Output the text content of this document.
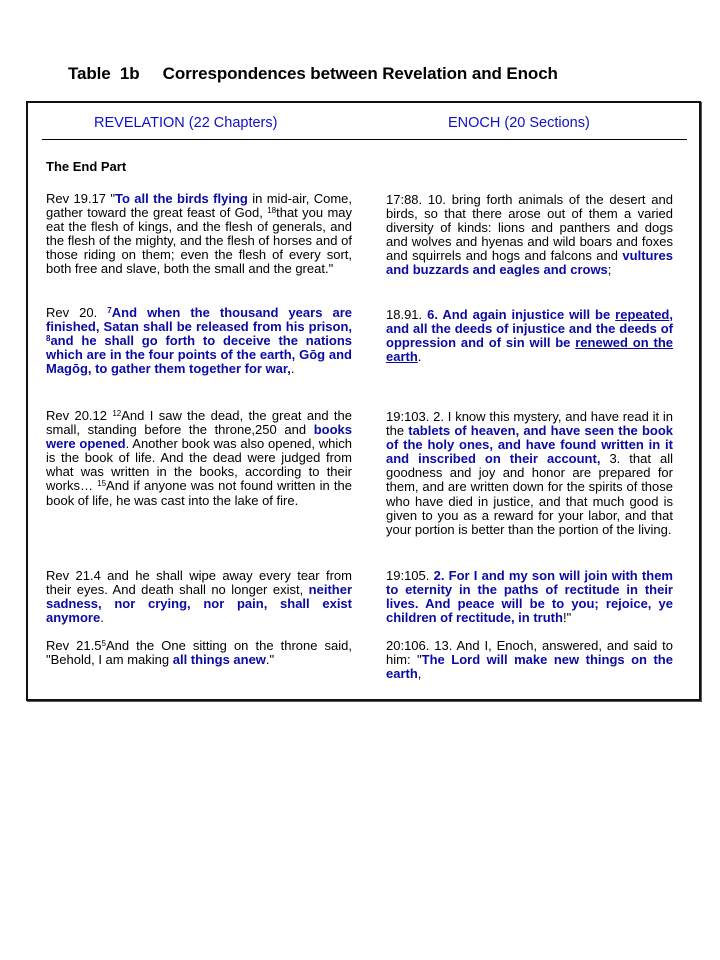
Table  1b     Correspondences between Revelation and Enoch
REVELATION (22 Chapters)	ENOCH (20 Sections)
The End Part
Rev 19.17 "To all the birds flying in mid-air, Come, gather toward the great feast of God, $^{18}$that you may eat the flesh of kings, and the flesh of generals, and the flesh of the mighty, and the flesh of horses and of those riding on them; even the flesh of every sort, both free and slave, both the small and the great."
17:88. 10. bring forth animals of the desert and birds, so that there arose out of them a varied diversity of kinds: lions and panthers and dogs and wolves and hyenas and wild boars and foxes and squirrels and hogs and falcons and vultures and buzzards and eagles and crows;
Rev 20. $^7$And when the thousand years are finished, Satan shall be released from his prison, $^8$and he shall go forth to deceive the nations which are in the four points of the earth, Gōg and Magōg, to gather them together for war,.
18.91. 6. And again injustice will be repeated, and all the deeds of injustice and the deeds of oppression and of sin will be renewed on the earth.
Rev 20.12 $^{12}$And I saw the dead, the great and the small, standing before the throne,250 and books were opened. Another book was also opened, which is the book of life. And the dead were judged from what was written in the books, according to their works… $^{15}$And if anyone was not found written in the book of life, he was cast into the lake of fire.
19:103. 2. I know this mystery, and have read it in the tablets of heaven, and have seen the book of the holy ones, and have found written in it and inscribed on their account, 3. that all goodness and joy and honor are prepared for them, and are written down for the spirits of those who have died in justice, and that much good is given to you as a reward for your labor, and that your portion is better than the portion of the living.
Rev 21.4 and he shall wipe away every tear from their eyes. And death shall no longer exist, neither sadness, nor crying, nor pain, shall exist anymore.
19:105. 2. For I and my son will join with them to eternity in the paths of rectitude in their lives. And peace will be to you; rejoice, ye children of rectitude, in truth!"
Rev 21.5$^5$And the One sitting on the throne said, "Behold, I am making all things anew."
20:106. 13. And I, Enoch, answered, and said to him: "The Lord will make new things on the earth,
